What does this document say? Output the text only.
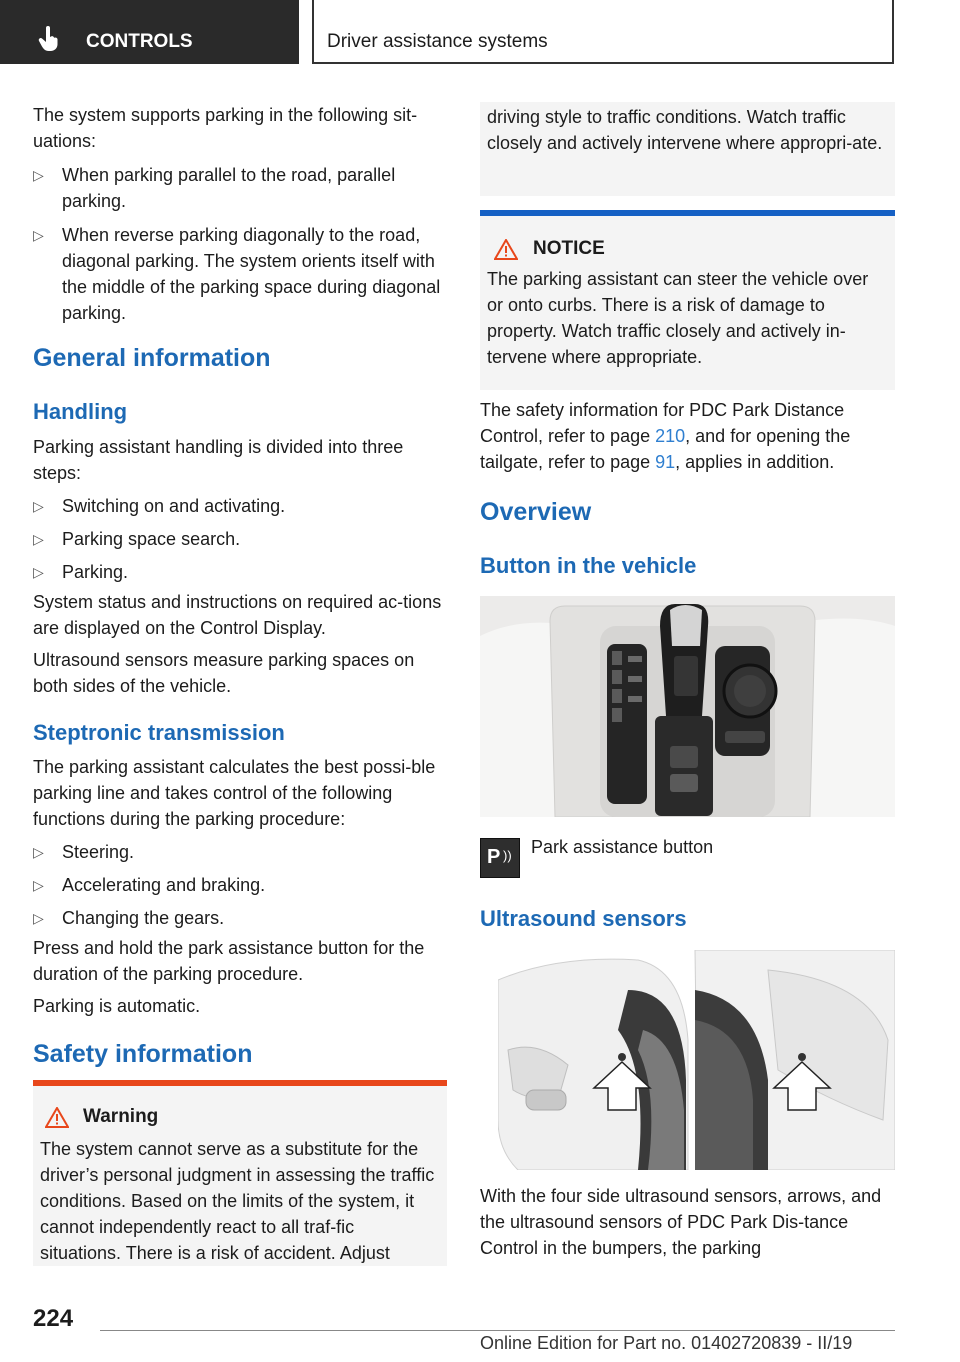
CONTROLS	Driver assistance systems

The system supports parking in the following sit-uations:

▷ When parking parallel to the road, parallel parking.
▷ When reverse parking diagonally to the road, diagonal parking. The system orients itself with the middle of the parking space during diagonal parking.
General information
Handling

Parking assistant handling is divided into three steps:

▷ Switching on and activating.
▷ Parking space search.
▷ Parking.

System status and instructions on required ac-tions are displayed on the Control Display.

Ultrasound sensors measure parking spaces on both sides of the vehicle.

Steptronic transmission

The parking assistant calculates the best possi-ble parking line and takes control of the following functions during the parking procedure:

▷ Steering.
▷ Accelerating and braking.
▷ Changing the gears.

Press and hold the park assistance button for the duration of the parking procedure.

Parking is automatic.

Safety information
Warning

The system cannot serve as a substitute for the driver’s personal judgment in assessing the traffic conditions. Based on the limits of the system, it cannot independently react to all traf-fic situations. There is a risk of accident. Adjust

driving style to traffic conditions. Watch traffic closely and actively intervene where appropri-ate.

NOTICE

The parking assistant can steer the vehicle over or onto curbs. There is a risk of damage to property. Watch traffic closely and actively in-tervene where appropriate.

The safety information for PDC Park Distance Control, refer to page 210, and for opening the tailgate, refer to page 91, applies in addition.

Overview
Button in the vehicle
P )) Park assistance button
Ultrasound sensors

With the four side ultrasound sensors, arrows, and the ultrasound sensors of PDC Park Dis-tance Control in the bumpers, the parking

224
Online Edition for Part no. 01402720839 - II/19
